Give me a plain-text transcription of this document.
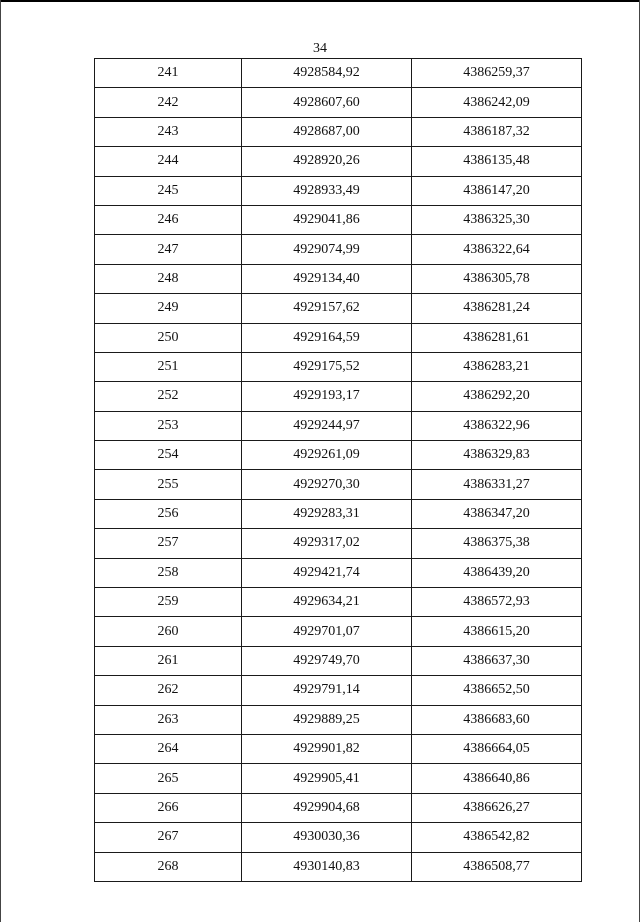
34
241	4928584,92	4386259,37
242	4928607,60	4386242,09
243	4928687,00	4386187,32
244	4928920,26	4386135,48
245	4928933,49	4386147,20
246	4929041,86	4386325,30
247	4929074,99	4386322,64
248	4929134,40	4386305,78
249	4929157,62	4386281,24
250	4929164,59	4386281,61
251	4929175,52	4386283,21
252	4929193,17	4386292,20
253	4929244,97	4386322,96
254	4929261,09	4386329,83
255	4929270,30	4386331,27
256	4929283,31	4386347,20
257	4929317,02	4386375,38
258	4929421,74	4386439,20
259	4929634,21	4386572,93
260	4929701,07	4386615,20
261	4929749,70	4386637,30
262	4929791,14	4386652,50
263	4929889,25	4386683,60
264	4929901,82	4386664,05
265	4929905,41	4386640,86
266	4929904,68	4386626,27
267	4930030,36	4386542,82
268	4930140,83	4386508,77
